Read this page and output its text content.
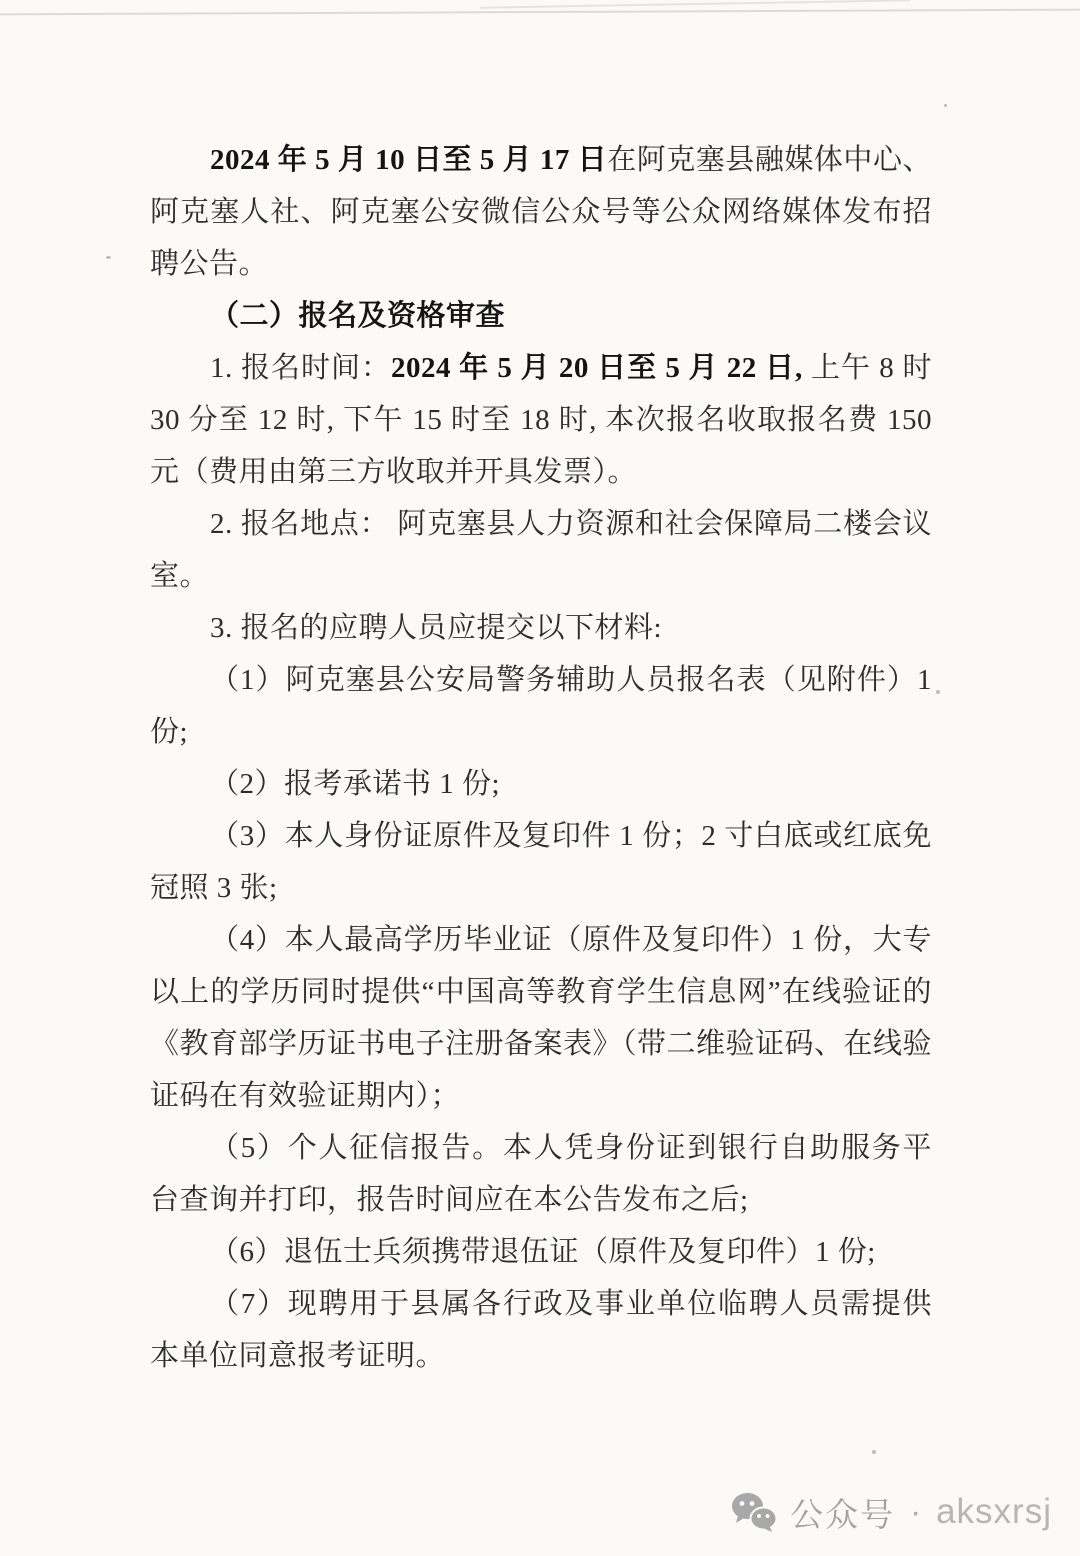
2024 年 5 月 10 日至 5 月 17 日在阿克塞县融媒体中心、阿克塞人社、阿克塞公安微信公众号等公众网络媒体发布招聘公告。

（二）报名及资格审查

1. 报名时间：2024 年 5 月 20 日至 5 月 22 日, 上午 8 时 30 分至 12 时, 下午 15 时至 18 时, 本次报名收取报名费 150 元（费用由第三方收取并开具发票）。

2. 报名地点： 阿克塞县人力资源和社会保障局二楼会议室。

3. 报名的应聘人员应提交以下材料:

（1）阿克塞县公安局警务辅助人员报名表（见附件）1 份;

（2）报考承诺书 1 份;

（3）本人身份证原件及复印件 1 份；2 寸白底或红底免冠照 3 张;

（4）本人最高学历毕业证（原件及复印件）1 份，大专以上的学历同时提供“中国高等教育学生信息网”在线验证的《教育部学历证书电子注册备案表》（带二维验证码、在线验证码在有效验证期内）；

（5）个人征信报告。本人凭身份证到银行自助服务平台查询并打印，报告时间应在本公告发布之后;

（6）退伍士兵须携带退伍证（原件及复印件）1 份;

（7）现聘用于县属各行政及事业单位临聘人员需提供本单位同意报考证明。

公众号 · aksxrsj
